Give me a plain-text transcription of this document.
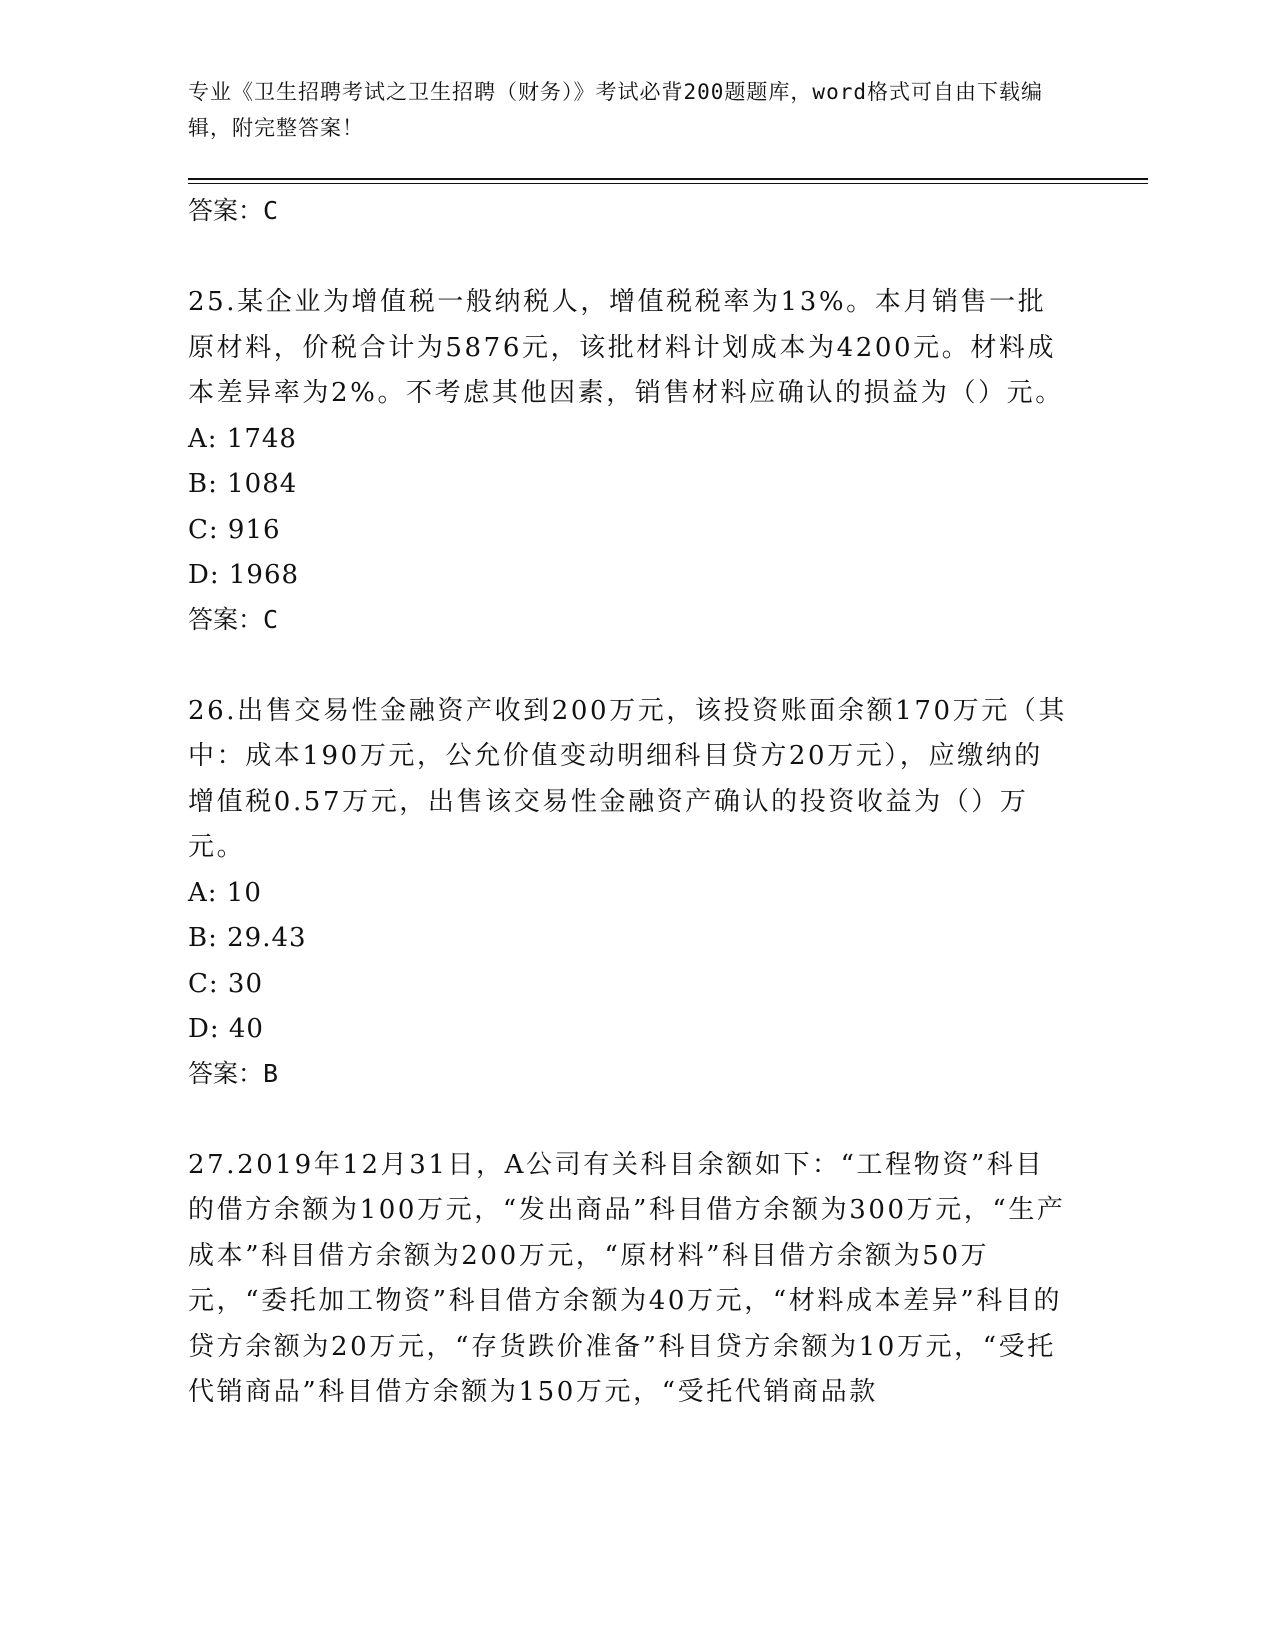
专业《卫生招聘考试之卫生招聘（财务）》考试必背200题题库，word格式可自由下载编辑，附完整答案！

答案：C

25.某企业为增值税一般纳税人，增值税税率为13%。本月销售一批原材料，价税合计为5876元，该批材料计划成本为4200元。材料成本差异率为2%。不考虑其他因素，销售材料应确认的损益为（）元。

A: 1748

B: 1084

C: 916

D: 1968

答案：C

26.出售交易性金融资产收到200万元，该投资账面余额170万元（其中：成本190万元，公允价值变动明细科目贷方20万元），应缴纳的增值税0.57万元，出售该交易性金融资产确认的投资收益为（）万元。

A: 10

B: 29.43

C: 30

D: 40

答案：B

27.2019年12月31日，A公司有关科目余额如下：“工程物资”科目的借方余额为100万元，“发出商品”科目借方余额为300万元，“生产成本”科目借方余额为200万元，“原材料”科目借方余额为50万元，“委托加工物资”科目借方余额为40万元，“材料成本差异”科目的贷方余额为20万元，“存货跌价准备”科目贷方余额为10万元，“受托代销商品”科目借方余额为150万元，“受托代销商品款
